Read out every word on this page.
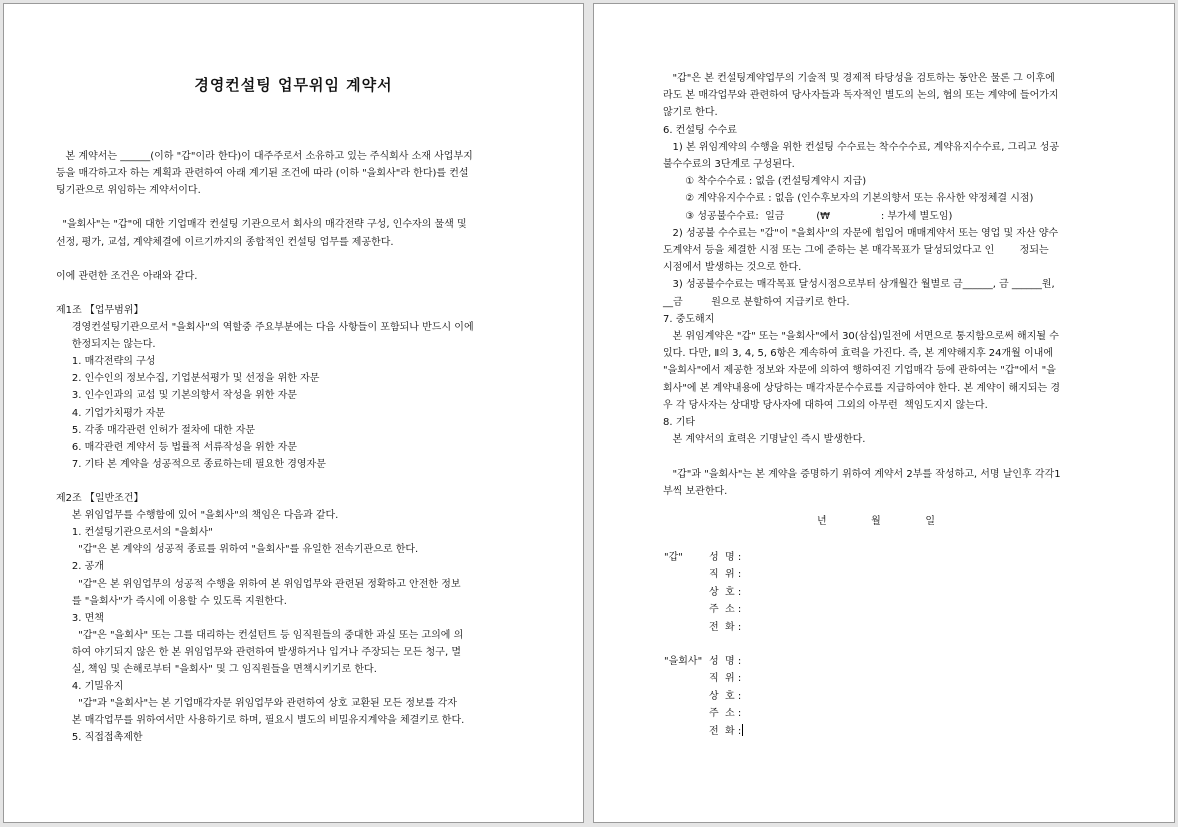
경영컨설팅 업무위임 계약서
본 계약서는 ______(이하 "갑"이라 한다)이 대주주로서 소유하고 있는 주식회사 소재 사업부지
등을 매각하고자 하는 계획과 관련하여 아래 계기된 조건에 따라 (이하 "을회사"라 한다)를 컨설
팅기관으로 위임하는 계약서이다.
"을회사"는 "갑"에 대한 기업매각 컨설팅 기관으로서 회사의 매각전략 구성, 인수자의 물색 및
선정, 평가, 교섭, 계약체결에 이르기까지의 종합적인 컨설팅 업무를 제공한다.
이에 관련한 조건은 아래와 같다.
제1조 【업무범위】
경영컨설팅기관으로서 "을회사"의 역할중 주요부분에는 다음 사항들이 포함되나 반드시 이에
한정되지는 않는다.
1. 매각전략의 구성
2. 인수인의 정보수집, 기업분석평가 및 선정을 위한 자문
3. 인수인과의 교섭 및 기본의향서 작성을 위한 자문
4. 기업가치평가 자문
5. 각종 매각관련 인허가 절차에 대한 자문
6. 매각관련 계약서 등 법률적 서류작성을 위한 자문
7. 기타 본 계약을 성공적으로 종료하는데 필요한 경영자문
제2조 【일반조건】
본 위임업무를 수행함에 있어 "을회사"의 책임은 다음과 같다.
1. 컨설팅기관으로서의 "을회사"
"갑"은 본 계약의 성공적 종료를 위하여 "을회사"를 유일한 전속기관으로 한다.
2. 공개
"갑"은 본 위임업무의 성공적 수행을 위하여 본 위임업무와 관련된 정확하고 안전한 정보
를 "을회사"가 즉시에 이용할 수 있도록 지원한다.
3. 면책
"갑"은 "을회사" 또는 그를 대리하는 컨설턴트 등 임직원들의 중대한 과실 또는 고의에 의
하여 야기되지 않은 한 본 위임업무와 관련하여 발생하거나 입거나 주장되는 모든 청구, 멸
실, 책임 및 손해로부터 "을회사" 및 그 임직원들을 면책시키기로 한다.
4. 기밀유지
"갑"과 "을회사"는 본 기업매각자문 위임업무와 관련하여 상호 교환된 모든 정보를 각자
본 매각업무를 위하여서만 사용하기로 하며, 필요시 별도의 비밀유지계약을 체결키로 한다.
5. 직접접촉제한
"갑"은 본 컨설팅계약업무의 기술적 및 경제적 타당성을 검토하는 동안은 물론 그 이후에
라도 본 매각업무와 관련하여 당사자들과 독자적인 별도의 논의, 협의 또는 계약에 들어가지
않기로 한다.
6. 컨설팅 수수료
1) 본 위임계약의 수행을 위한 컨설팅 수수료는 착수수수료, 계약유지수수료, 그리고 성공
불수수료의 3단계로 구성된다.
① 착수수수료 : 없음 (컨설팅계약시 지급)
② 계약유지수수료 : 없음 (인수후보자의 기본의향서 또는 유사한 약정체결 시점)
③ 성공불수수료:  일금          (₩                : 부가세 별도임)
2) 성공불 수수료는 "갑"이 "을회사"의 자문에 힘입어 매매계약서 또는 영업 및 자산 양수
도계약서 등을 체결한 시점 또는 그에 준하는 본 매각목표가 달성되었다고 인        정되는
시점에서 발생하는 것으로 한다.
3) 성공불수수료는 매각목표 달성시점으로부터 삼개월간 월별로 금______, 금 ______원,
__금         원으로 분할하여 지급키로 한다.
7. 중도해지
본 위임계약은 "갑" 또는 "을회사"에서 30(삼십)일전에 서면으로 통지함으로써 해지될 수
있다. 다만, Ⅱ의 3, 4, 5, 6항은 계속하여 효력을 가진다. 즉, 본 계약해지후 24개월 이내에
"을회사"에서 제공한 정보와 자문에 의하여 행하여진 기업매각 등에 관하여는 "갑"에서 "을
회사"에 본 계약내용에 상당하는 매각자문수수료를 지급하여야 한다. 본 계약이 해지되는 경
우 각 당사자는 상대방 당사자에 대하여 그외의 아무런  책임도지지 않는다.
8. 기타
본 계약서의 효력은 기명날인 즉시 발생한다.
"갑"과 "을회사"는 본 계약을 증명하기 위하여 계약서 2부를 작성하고, 서명 날인후 각각1
부씩 보관한다.
년              월              일
"갑"	성  명 :
직  위 :
상  호 :
주  소 :
전  화 :
"을회사" 성  명 :
직  위 :
상  호 :
주  소 :
전  화 :
